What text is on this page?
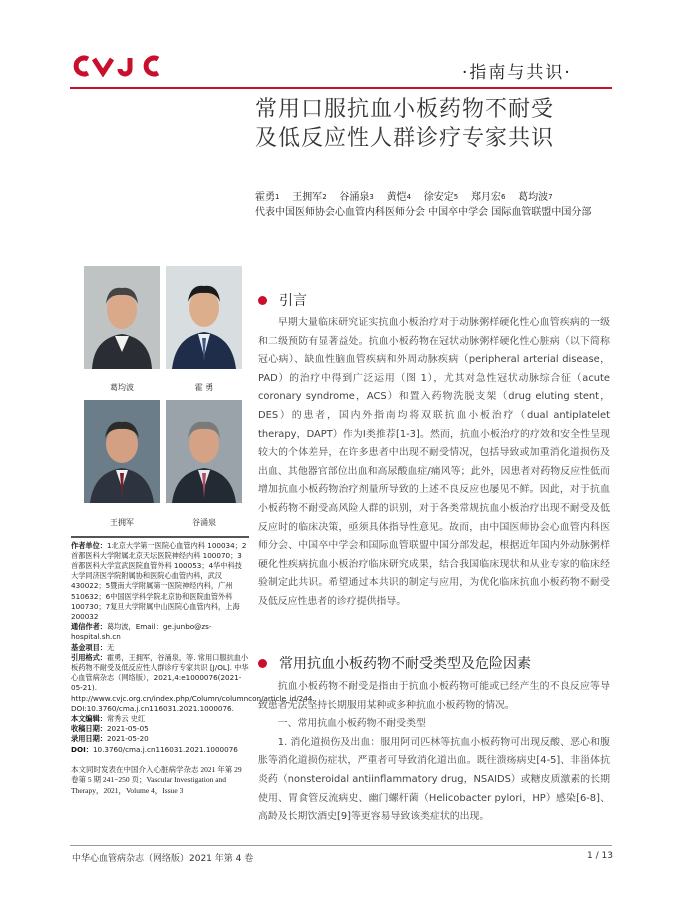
·指南与共识·
常用口服抗血小板药物不耐受
及低反应性人群诊疗专家共识
霍勇$^1$ 王拥军$^2$ 谷涌泉$^3$ 黄恺$^4$ 徐安定$^5$ 郑月宏$^6$ 葛均波$^7$
代表中国医师协会心血管内科医师分会 中国卒中学会 国际血管联盟中国分部
葛均波	霍 勇
王拥军	谷涌泉

作者单位：1北京大学第一医院心血管内科 100034；2首都医科大学附属北京天坛医院神经内科 100070；3首都医科大学宣武医院血管外科 100053；4华中科技大学同济医学院附属协和医院心血管内科，武汉 430022；5暨南大学附属第一医院神经内科，广州 510632；6中国医学科学院北京协和医院血管外科 100730；7复旦大学附属中山医院心血管内科，上海 200032

通信作者：葛均波，Email：ge.junbo@zs-hospital.sh.cn

基金项目：无

引用格式：霍勇，王拥军，谷涌泉，等. 常用口服抗血小板药物不耐受及低反应性人群诊疗专家共识 [J/OL]. 中华心血管病杂志（网络版），2021,4:e1000076(2021-05-21). http://www.cvjc.org.cn/index.php/Column/columncon/article_id/244. DOI:10.3760/cma.j.cn116031.2021.1000076.

本文编辑：常秀云 史红

收稿日期：2021-05-05

录用日期：2021-05-20

DOI：10.3760/cma.j.cn116031.2021.1000076

本文同时发表在中国介入心脏病学杂志 2021 年第 29 卷第 5 期 241−250 页；Vascular Investigation and Therapy，2021，Volume 4，Issue 3

引言

早期大量临床研究证实抗血小板治疗对于动脉粥样硬化性心血管疾病的一级和二级预防有显著益处。抗血小板药物在冠状动脉粥样硬化性心脏病（以下简称冠心病）、缺血性脑血管疾病和外周动脉疾病（peripheral arterial disease，PAD）的治疗中得到广泛运用（图 1），尤其对急性冠状动脉综合征（acute coronary syndrome，ACS）和置入药物洗脱支架（drug eluting stent，DES）的患者，国内外指南均将双联抗血小板治疗（dual antiplatelet therapy，DAPT）作为Ⅰ类推荐[1-3]。然而，抗血小板治疗的疗效和安全性呈现较大的个体差异，在许多患者中出现不耐受情况，包括导致或加重消化道损伤及出血、其他器官部位出血和高尿酸血症/痛风等；此外，因患者对药物反应性低而增加抗血小板药物治疗剂量所导致的上述不良反应也屡见不鲜。因此，对于抗血小板药物不耐受高风险人群的识别，对于各类常规抗血小板治疗出现不耐受及低反应时的临床决策，亟须具体指导性意见。故而，由中国医师协会心血管内科医师分会、中国卒中学会和国际血管联盟中国分部发起，根据近年国内外动脉粥样硬化性疾病抗血小板治疗临床研究成果，结合我国临床现状和从业专家的临床经验制定此共识。希望通过本共识的制定与应用，为优化临床抗血小板药物不耐受及低反应性患者的诊疗提供指导。

常用抗血小板药物不耐受类型及危险因素

抗血小板药物不耐受是指由于抗血小板药物可能或已经产生的不良反应等导致患者无法坚持长期服用某种或多种抗血小板药物的情况。

一、常用抗血小板药物不耐受类型

1. 消化道损伤及出血：服用阿司匹林等抗血小板药物可出现反酸、恶心和腹胀等消化道损伤症状，严重者可导致消化道出血。既往溃疡病史[4-5]、非甾体抗炎药（nonsteroidal antiinflammatory drug，NSAIDS）或糖皮质激素的长期使用、胃食管反流病史、幽门螺杆菌（Helicobacter pylori，HP）感染[6-8]、高龄及长期饮酒史[9]等更容易导致该类症状的出现。

中华心血管病杂志（网络版）2021 年第 4 卷	1 / 13
